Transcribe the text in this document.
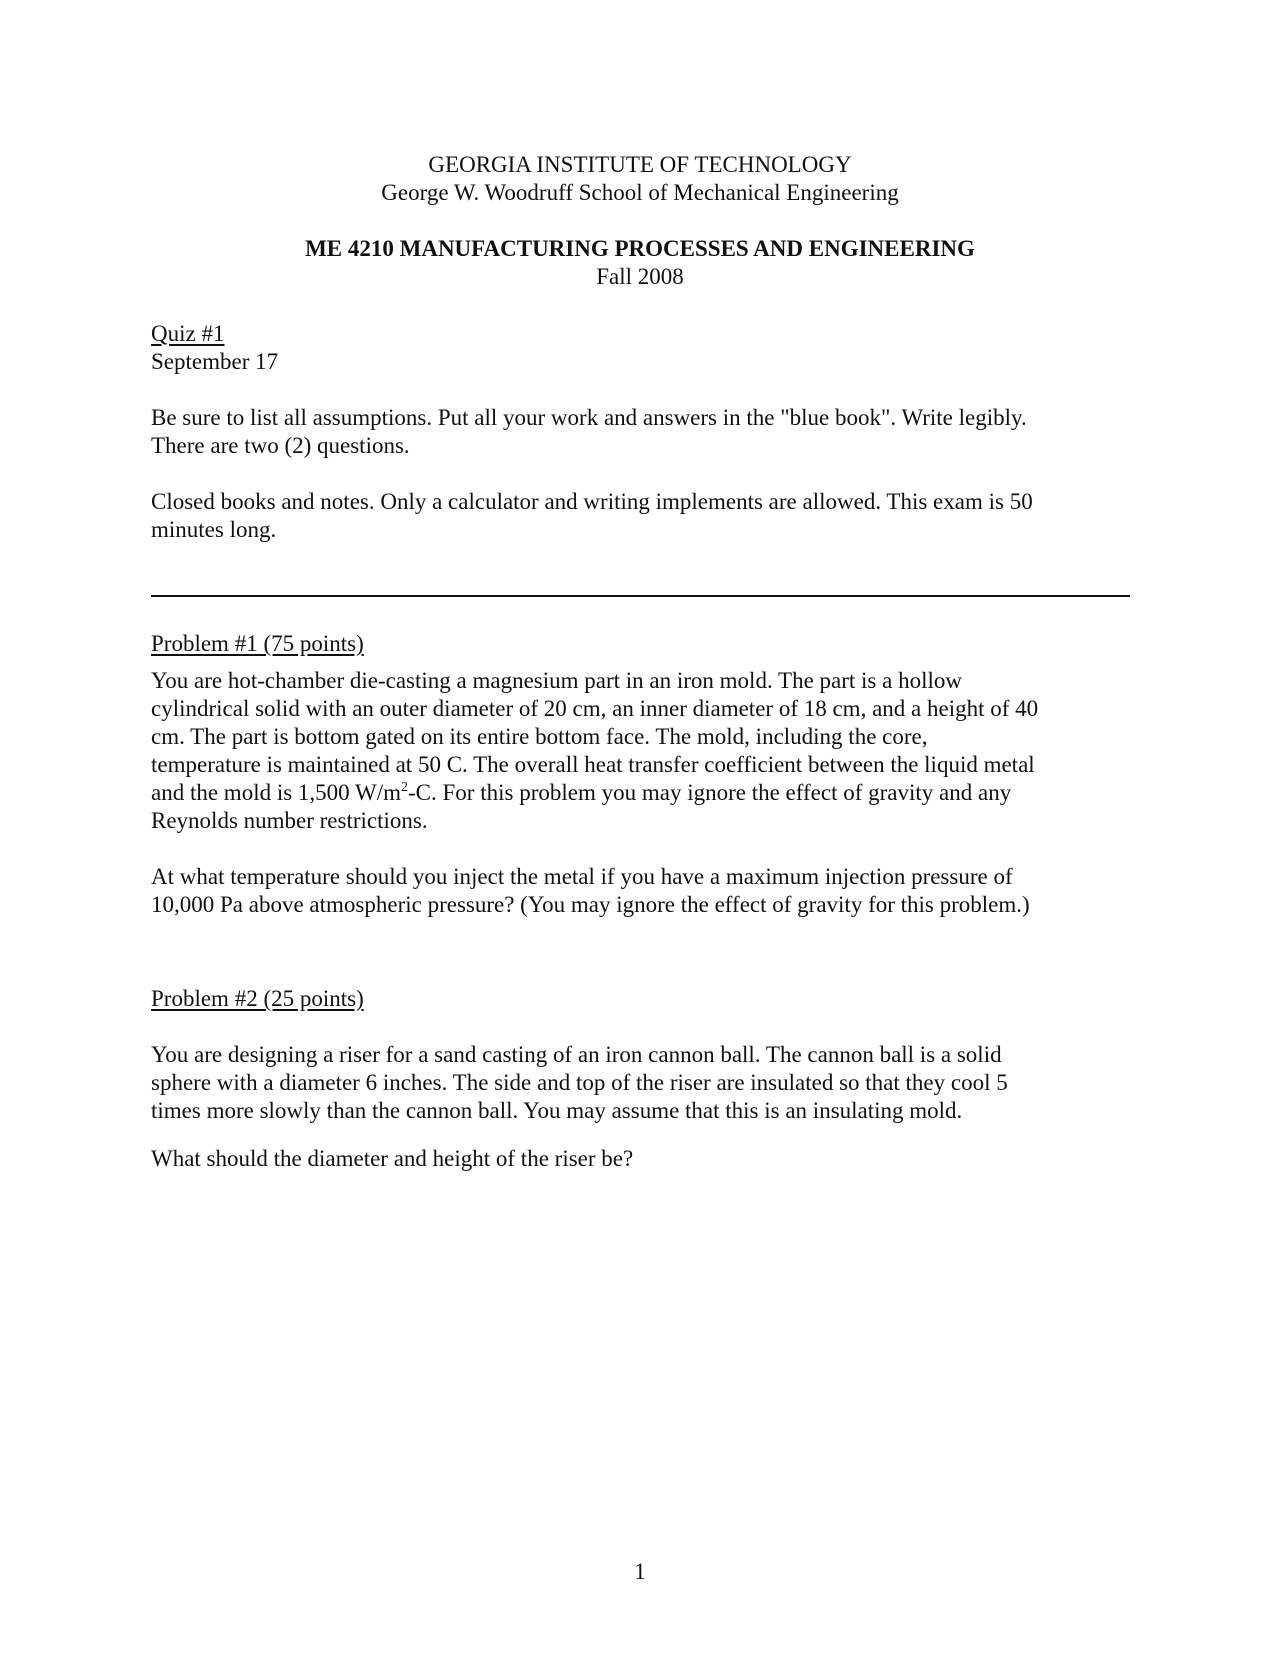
GEORGIA INSTITUTE OF TECHNOLOGY
George W. Woodruff School of Mechanical Engineering
ME 4210 MANUFACTURING PROCESSES AND ENGINEERING
Fall 2008
Quiz #1
September 17
Be sure to list all assumptions. Put all your work and answers in the "blue book". Write legibly.
There are two (2) questions.
Closed books and notes. Only a calculator and writing implements are allowed. This exam is 50
minutes long.
Problem #1 (75 points)
You are hot-chamber die-casting a magnesium part in an iron mold. The part is a hollow
cylindrical solid with an outer diameter of 20 cm, an inner diameter of 18 cm, and a height of 40
cm. The part is bottom gated on its entire bottom face. The mold, including the core,
temperature is maintained at 50 C. The overall heat transfer coefficient between the liquid metal
and the mold is 1,500 $W/m^2-C$. For this problem you may ignore the effect of gravity and any
Reynolds number restrictions.
At what temperature should you inject the metal if you have a maximum injection pressure of
10,000 Pa above atmospheric pressure? (You may ignore the effect of gravity for this problem.)
Problem #2 (25 points)
You are designing a riser for a sand casting of an iron cannon ball. The cannon ball is a solid
sphere with a diameter 6 inches. The side and top of the riser are insulated so that they cool 5
times more slowly than the cannon ball. You may assume that this is an insulating mold.
What should the diameter and height of the riser be?
1
